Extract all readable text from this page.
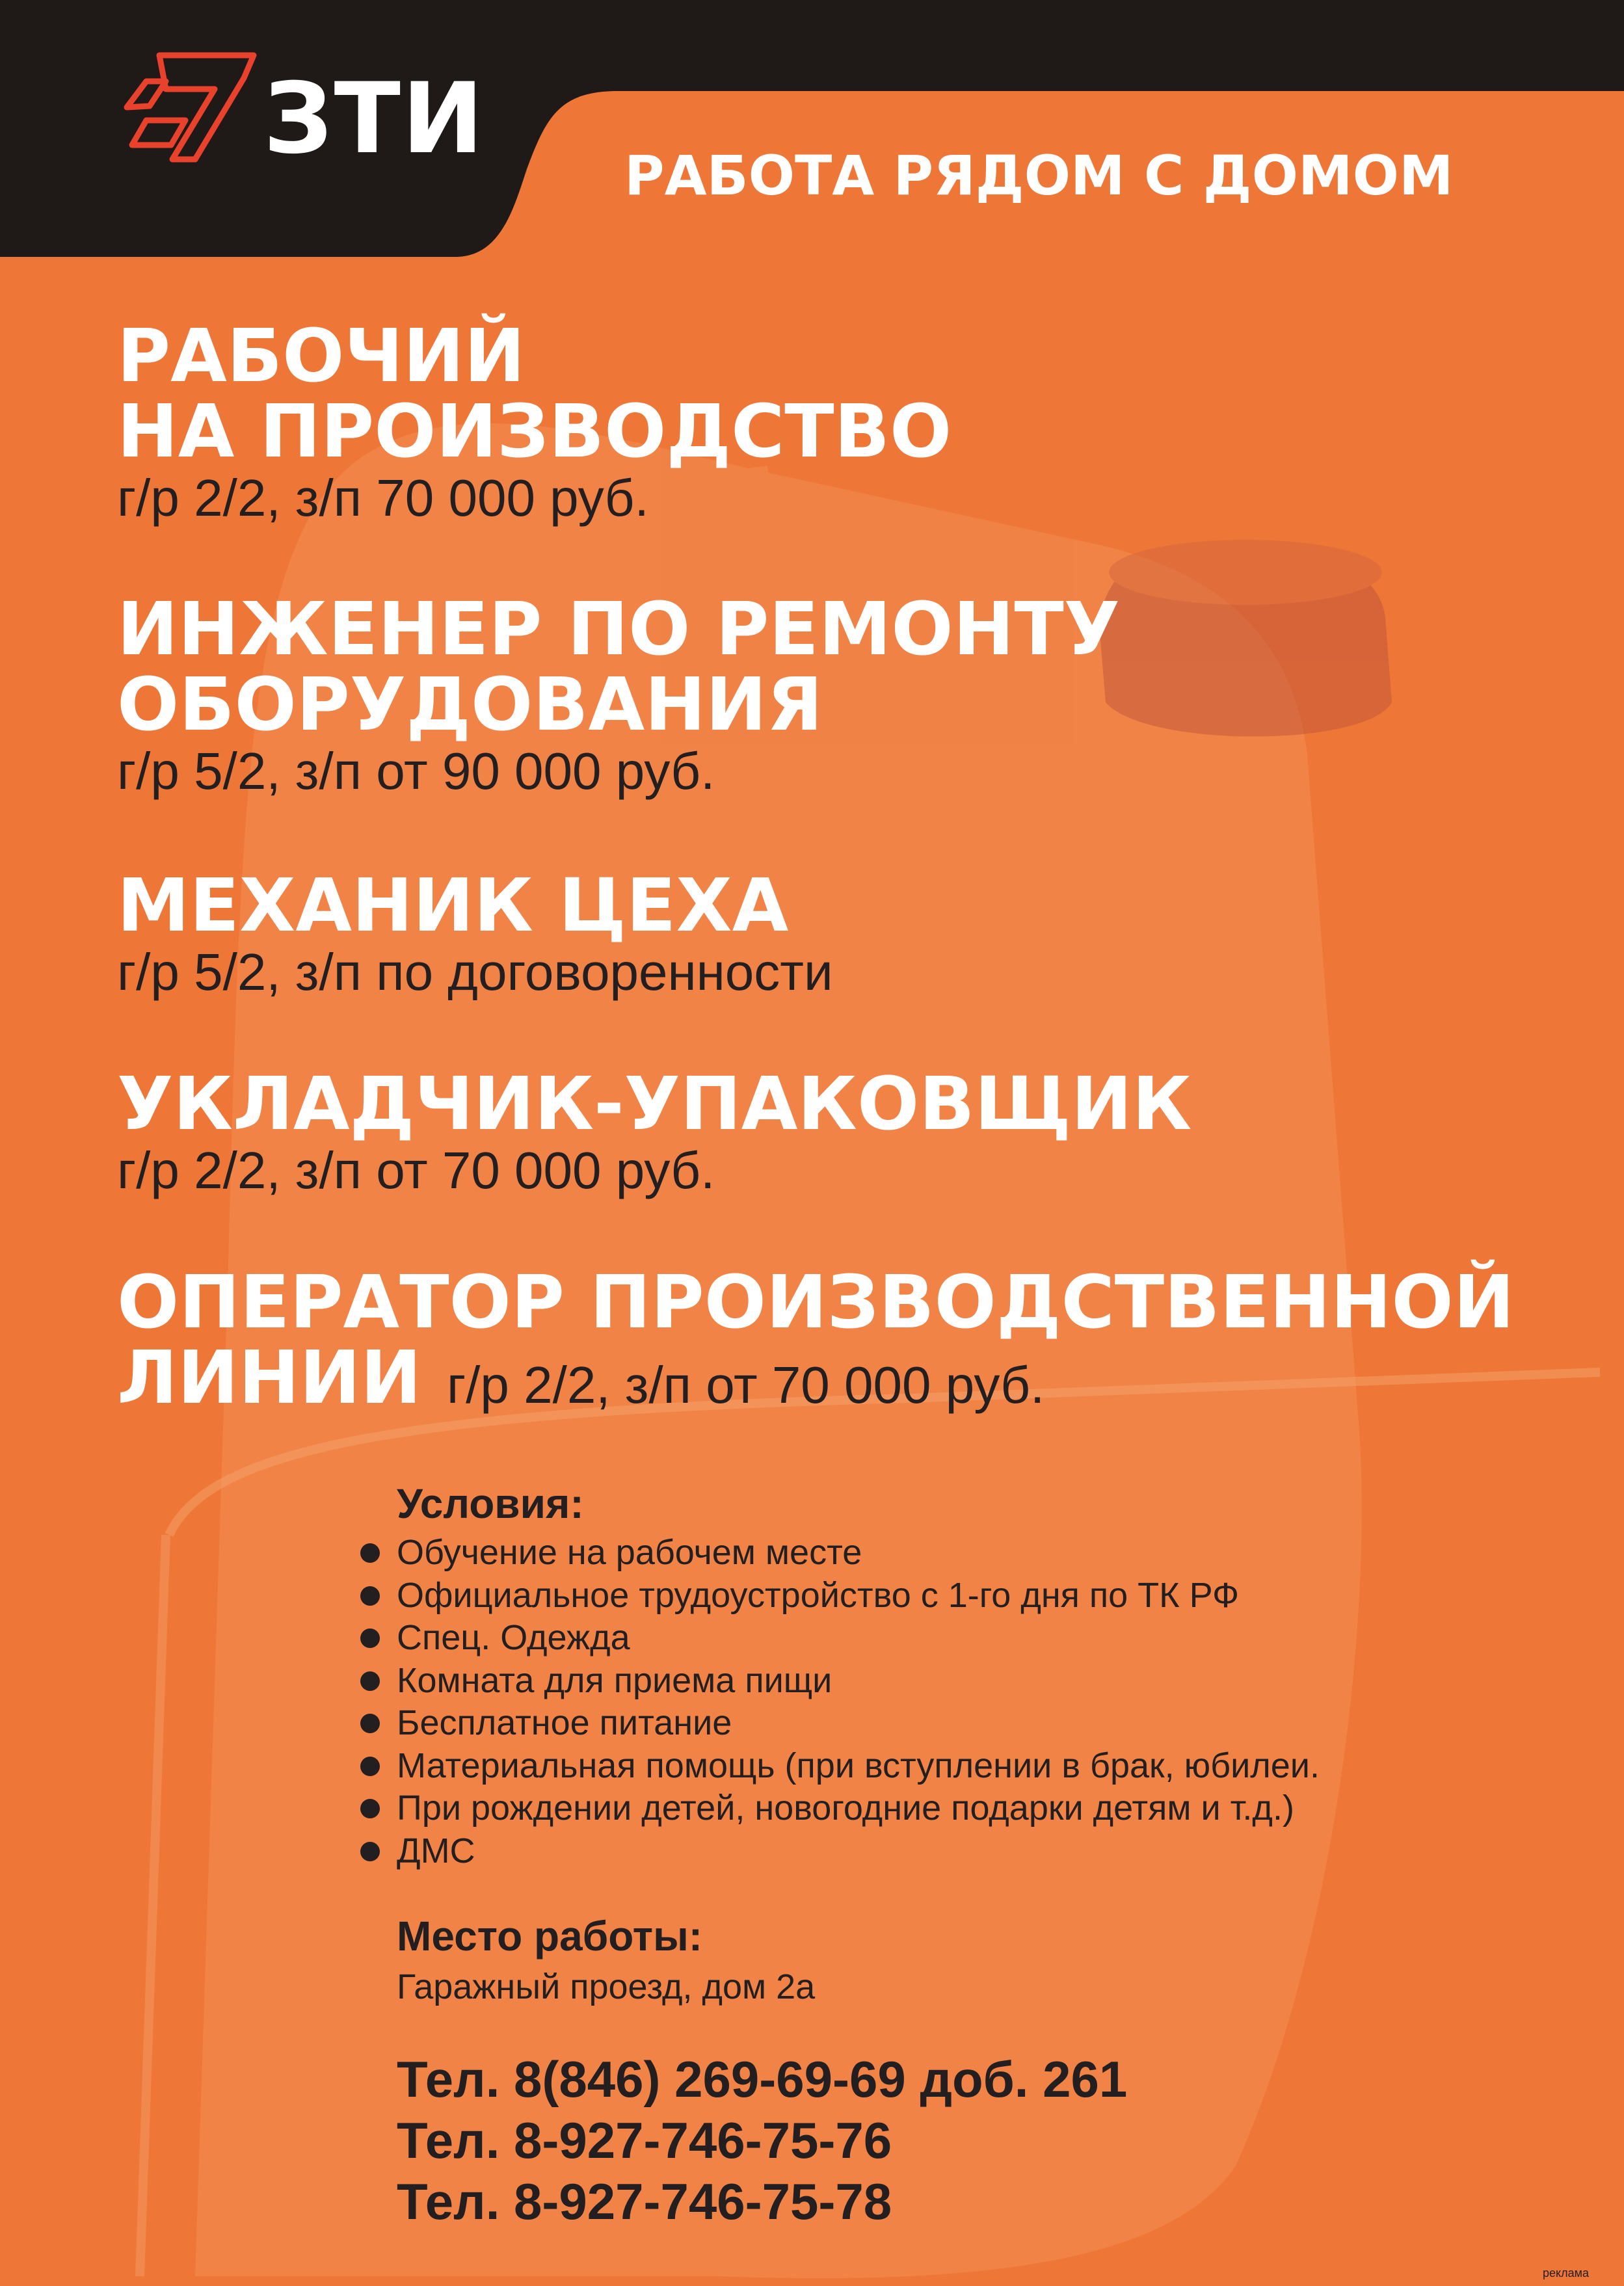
ЗТИ	РАБОТА РЯДОМ С ДОМОМ

РАБОЧИЙ

НА ПРОИЗВОДСТВО

г/р 2/2, з/п 70 000 руб.

ИНЖЕНЕР ПО РЕМОНТУ

ОБОРУДОВАНИЯ

г/р 5/2, з/п от 90 000 руб.

МЕХАНИК ЦЕХА

г/р 5/2, з/п по договоренности

УКЛАДЧИК-УПАКОВЩИК

г/р 2/2, з/п от 70 000 руб.

ОПЕРАТОР ПРОИЗВОДСТВЕННОЙ

ЛИНИИ г/р 2/2, з/п от 70 000 руб.

Условия:

Обучение на рабочем месте
Официальное трудоустройство с 1-го дня по ТК РФ
Спец. Одежда
Комната для приема пищи
Бесплатное питание
Материальная помощь (при вступлении в брак, юбилеи.
При рождении детей, новогодние подарки детям и т.д.)
ДМС

Место работы:

Гаражный проезд, дом 2а

Тел. 8(846) 269-69-69 доб. 261

Тел. 8-927-746-75-76

Тел. 8-927-746-75-78

реклама
